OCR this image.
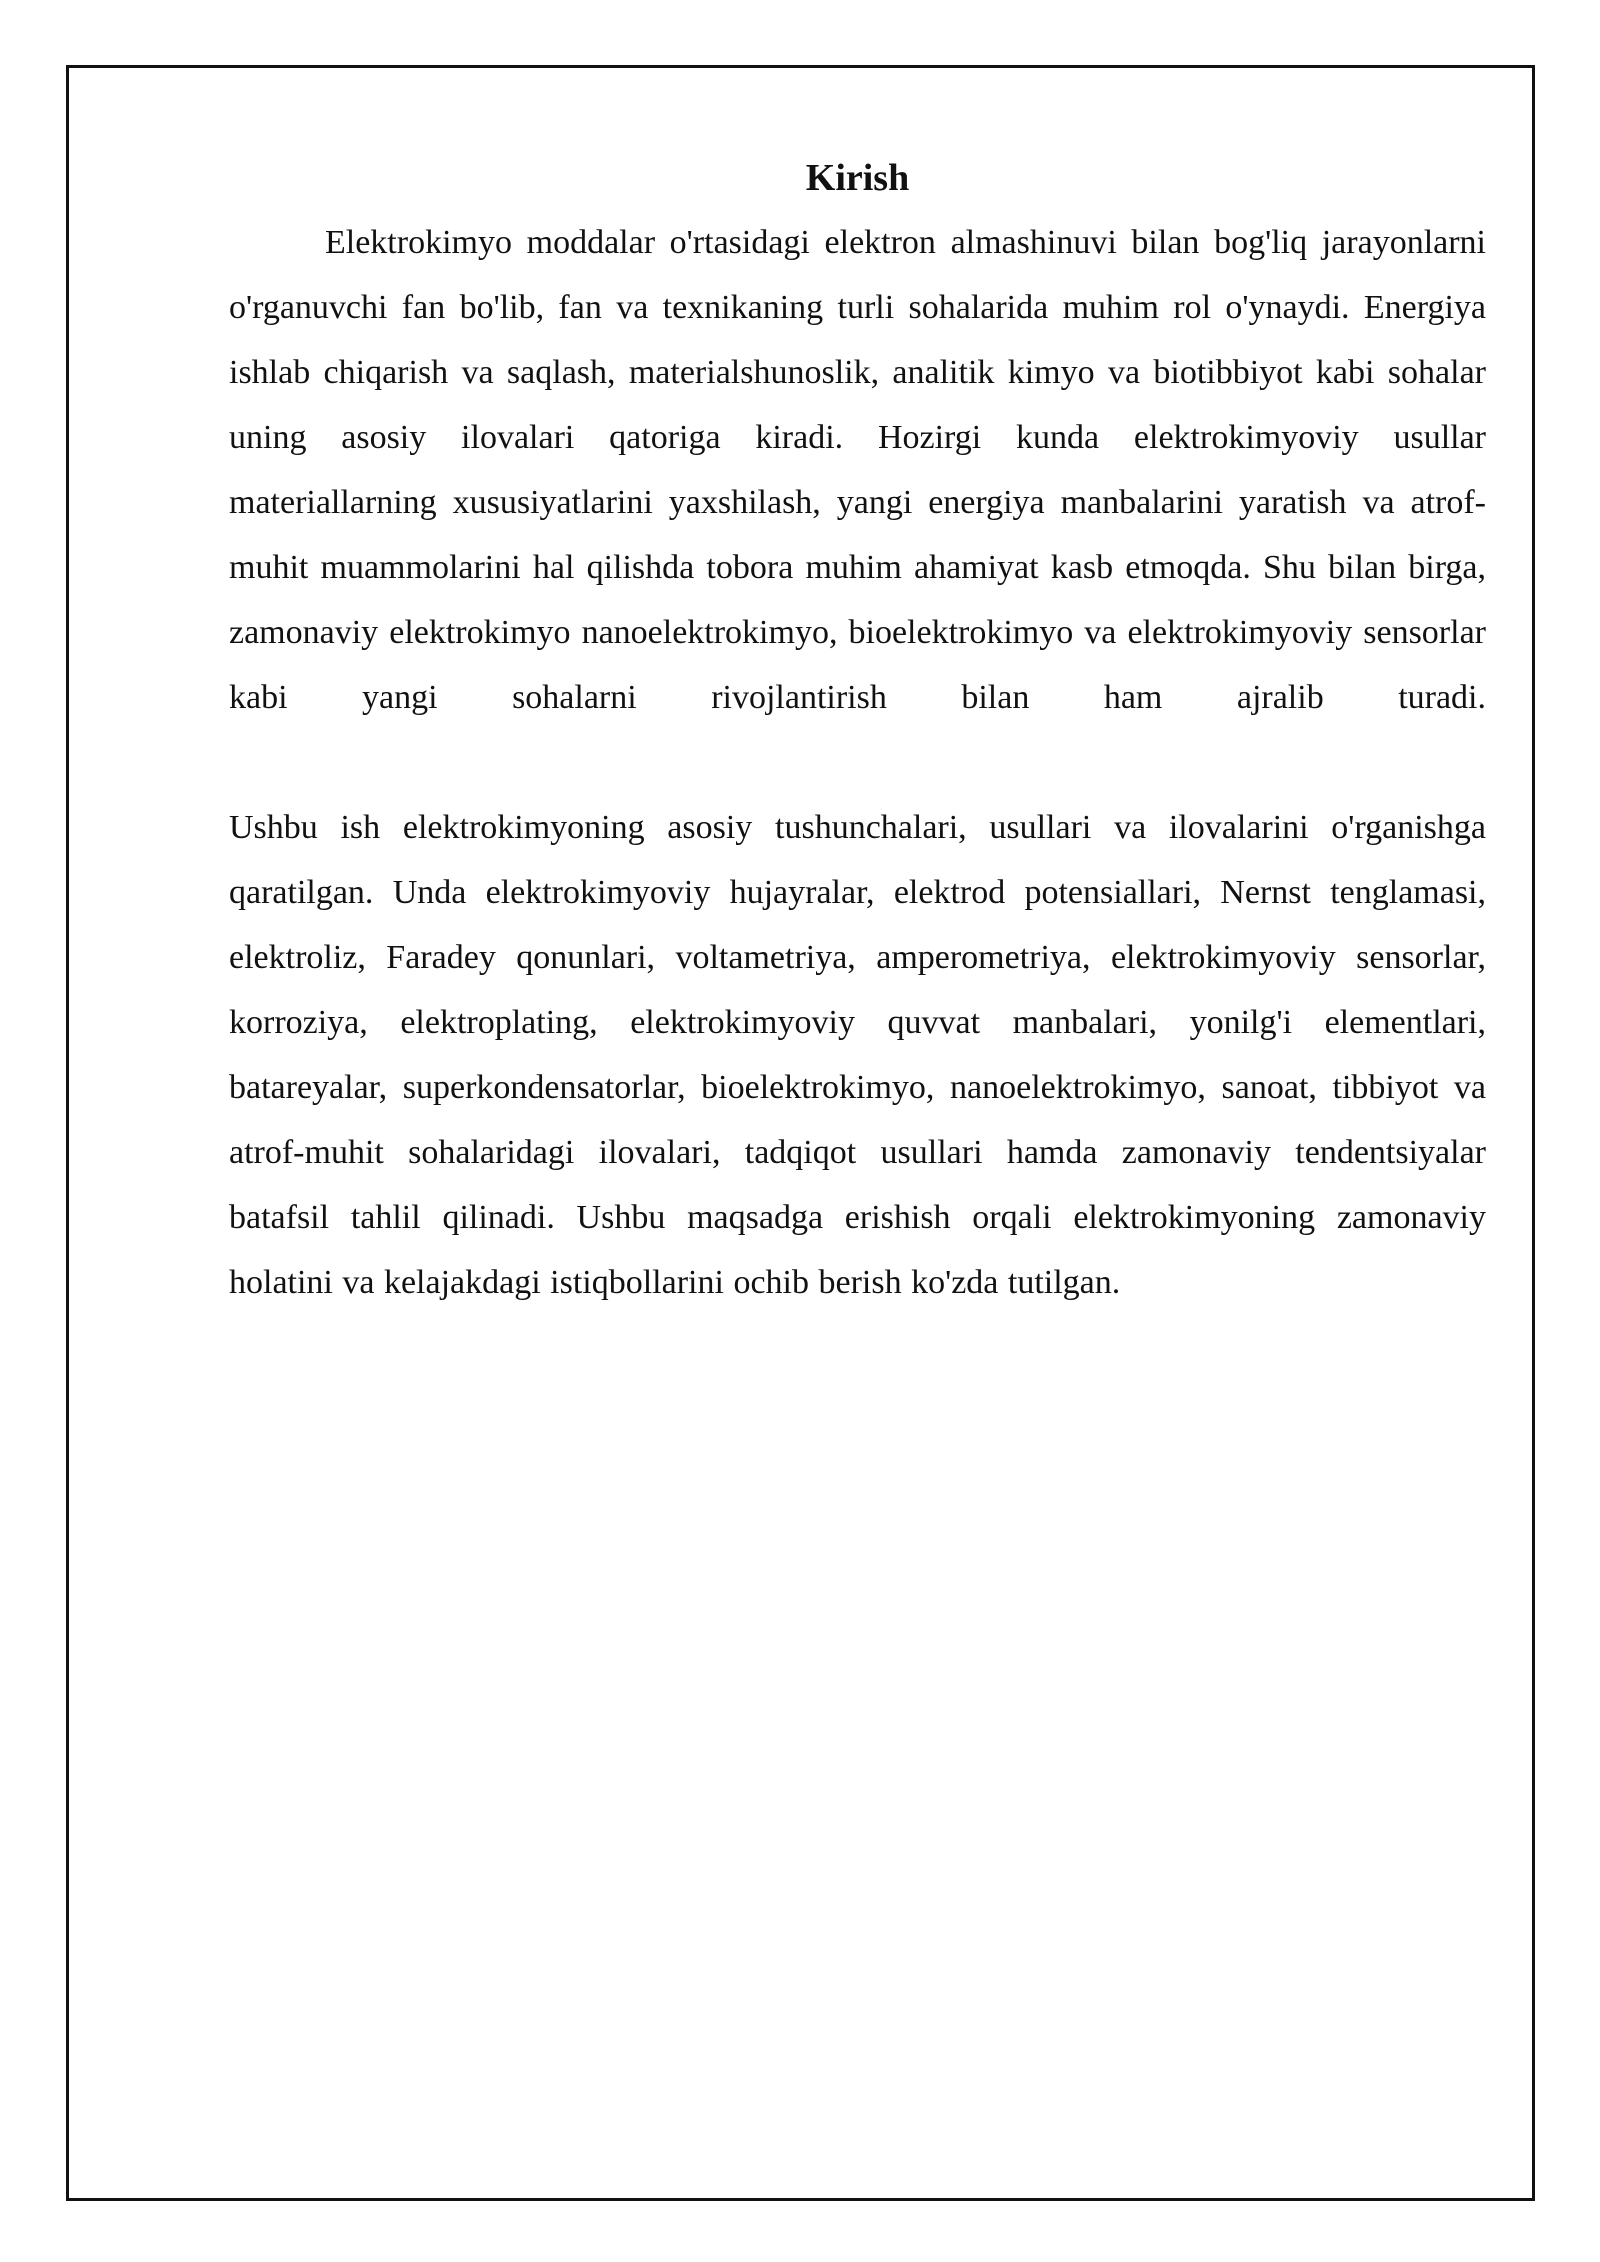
Kirish

Elektrokimyo moddalar o'rtasidagi elektron almashinuvi bilan bog'liq jarayonlarni o'rganuvchi fan bo'lib, fan va texnikaning turli sohalarida muhim rol o'ynaydi. Energiya ishlab chiqarish va saqlash, materialshunoslik, analitik kimyo va biotibbiyot kabi sohalar uning asosiy ilovalari qatoriga kiradi. Hozirgi kunda elektrokimyoviy usullar materiallarning xususiyatlarini yaxshilash, yangi energiya manbalarini yaratish va atrof-muhit muammolarini hal qilishda tobora muhim ahamiyat kasb etmoqda. Shu bilan birga, zamonaviy elektrokimyo nanoelektrokimyo, bioelektrokimyo va elektrokimyoviy sensorlar kabi yangi sohalarni rivojlantirish bilan ham ajralib turadi.

Ushbu ish elektrokimyoning asosiy tushunchalari, usullari va ilovalarini o'rganishga qaratilgan. Unda elektrokimyoviy hujayralar, elektrod potensiallari, Nernst tenglamasi, elektroliz, Faradey qonunlari, voltametriya, amperometriya, elektrokimyoviy sensorlar, korroziya, elektroplating, elektrokimyoviy quvvat manbalari, yonilg'i elementlari, batareyalar, superkondensatorlar, bioelektrokimyo, nanoelektrokimyo, sanoat, tibbiyot va atrof-muhit sohalaridagi ilovalari, tadqiqot usullari hamda zamonaviy tendentsiyalar batafsil tahlil qilinadi. Ushbu maqsadga erishish orqali elektrokimyoning zamonaviy holatini va kelajakdagi istiqbollarini ochib berish ko'zda tutilgan.
